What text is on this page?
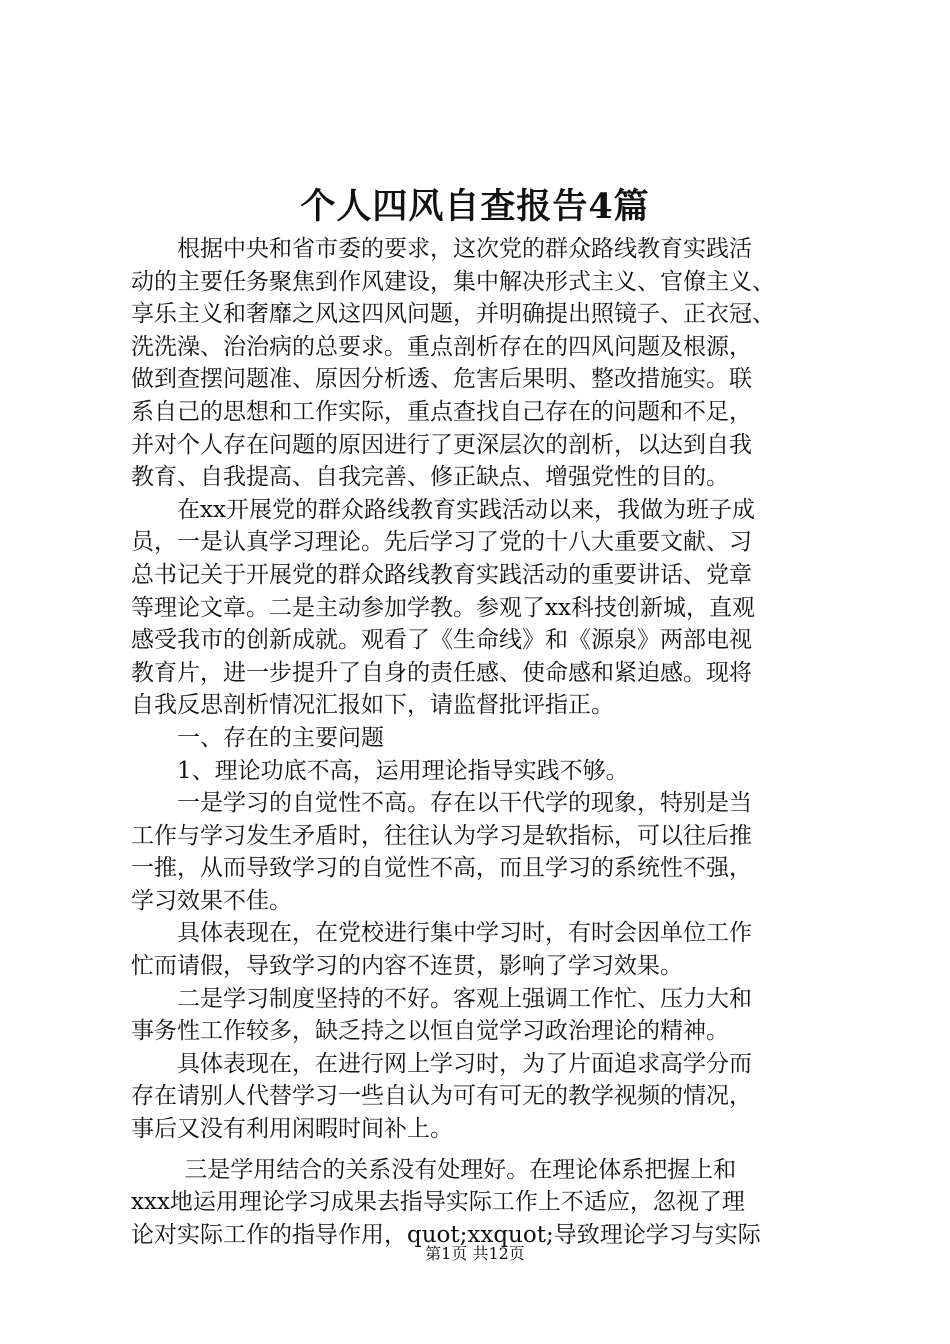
个人四风自查报告4篇
　　根据中央和省市委的要求，这次党的群众路线教育实践活
动的主要任务聚焦到作风建设，集中解决形式主义、官僚主义、
享乐主义和奢靡之风这四风问题，并明确提出照镜子、正衣冠、
洗洗澡、治治病的总要求。重点剖析存在的四风问题及根源，
做到查摆问题准、原因分析透、危害后果明、整改措施实。联
系自己的思想和工作实际，重点查找自己存在的问题和不足，
并对个人存在问题的原因进行了更深层次的剖析，以达到自我
教育、自我提高、自我完善、修正缺点、增强党性的目的。
　　在xx开展党的群众路线教育实践活动以来，我做为班子成
员，一是认真学习理论。先后学习了党的十八大重要文献、习
总书记关于开展党的群众路线教育实践活动的重要讲话、党章
等理论文章。二是主动参加学教。参观了xx科技创新城，直观
感受我市的创新成就。观看了《生命线》和《源泉》两部电视
教育片，进一步提升了自身的责任感、使命感和紧迫感。现将
自我反思剖析情况汇报如下，请监督批评指正。
　　一、存在的主要问题
　　1、理论功底不高，运用理论指导实践不够。
　　一是学习的自觉性不高。存在以干代学的现象，特别是当
工作与学习发生矛盾时，往往认为学习是软指标，可以往后推
一推，从而导致学习的自觉性不高，而且学习的系统性不强，
学习效果不佳。
　　具体表现在，在党校进行集中学习时，有时会因单位工作
忙而请假，导致学习的内容不连贯，影响了学习效果。
　　二是学习制度坚持的不好。客观上强调工作忙、压力大和
事务性工作较多，缺乏持之以恒自觉学习政治理论的精神。
　　具体表现在，在进行网上学习时，为了片面追求高学分而
存在请别人代替学习一些自认为可有可无的教学视频的情况，
事后又没有利用闲暇时间补上。
　　 三是学用结合的关系没有处理好。在理论体系把握上和
xxx地运用理论学习成果去指导实际工作上不适应，忽视了理
论对实际工作的指导作用，quot;xxquot;导致理论学习与实际
第1页 共12页
